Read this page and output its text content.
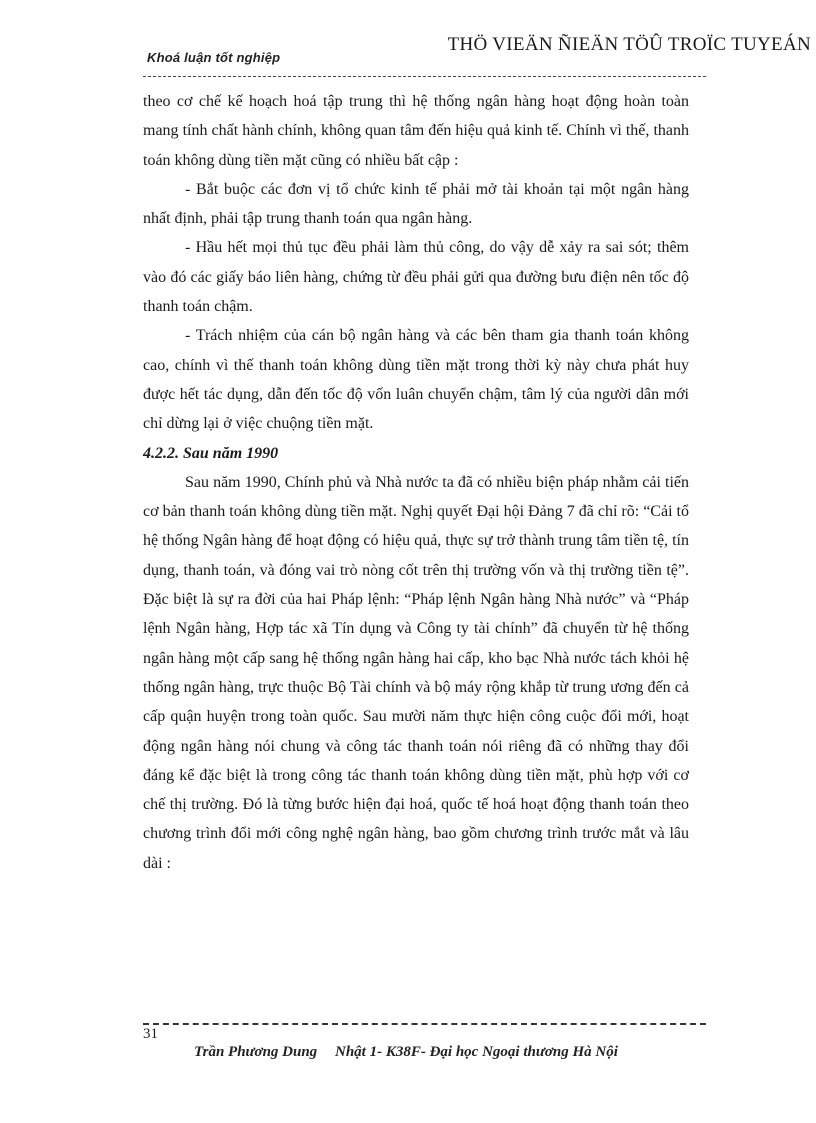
Khoá luận tốt nghiệp
THÖ VIEÄN ÑIEÄN TÖÛ TROÏC TUYEÁN

theo cơ chế kế hoạch hoá tập trung thì hệ thống ngân hàng hoạt động hoàn toàn mang tính chất hành chính, không quan tâm đến hiệu quả kinh tế. Chính vì thế, thanh toán không dùng tiền mặt cũng có nhiều bất cập :

- Bắt buộc các đơn vị tổ chức kinh tế phải mở tài khoản tại một ngân hàng nhất định, phải tập trung thanh toán qua ngân hàng.

- Hầu hết mọi thủ tục đều phải làm thủ công, do vậy dễ xảy ra sai sót; thêm vào đó các giấy báo liên hàng, chứng từ đều phải gửi qua đường bưu điện nên tốc độ thanh toán chậm.

- Trách nhiệm của cán bộ ngân hàng và các bên tham gia thanh toán không cao, chính vì thế thanh toán không dùng tiền mặt trong thời kỳ này chưa phát huy được hết tác dụng, dẫn đến tốc độ vốn luân chuyển chậm, tâm lý của người dân mới chỉ dừng lại ở việc chuộng tiền mặt.

4.2.2. Sau năm 1990

Sau năm 1990, Chính phủ và Nhà nước ta đã có nhiều biện pháp nhằm cải tiến cơ bản thanh toán không dùng tiền mặt. Nghị quyết Đại hội Đảng 7 đã chỉ rõ: “Cải tổ hệ thống Ngân hàng để hoạt động có hiệu quả, thực sự trở thành trung tâm tiền tệ, tín dụng, thanh toán, và đóng vai trò nòng cốt trên thị trường vốn và thị trường tiền tệ”. Đặc biệt là sự ra đời của hai Pháp lệnh: “Pháp lệnh Ngân hàng Nhà nước” và “Pháp lệnh Ngân hàng, Hợp tác xã Tín dụng và Công ty tài chính” đã chuyển từ hệ thống ngân hàng một cấp sang hệ thống ngân hàng hai cấp, kho bạc Nhà nước tách khỏi hệ thống ngân hàng, trực thuộc Bộ Tài chính và bộ máy rộng khắp từ trung ương đến cả cấp quận huyện trong toàn quốc. Sau mười năm thực hiện công cuộc đổi mới, hoạt động ngân hàng nói chung và công tác thanh toán nói riêng đã có những thay đổi đáng kể đặc biệt là trong công tác thanh toán không dùng tiền mặt, phù hợp với cơ chế thị trường. Đó là từng bước hiện đại hoá, quốc tế hoá hoạt động thanh toán theo chương trình đổi mới công nghệ ngân hàng, bao gồm chương trình trước mắt và lâu dài :

31
Trần Phương Dung Nhật 1- K38F- Đại học Ngoại thương Hà Nội
